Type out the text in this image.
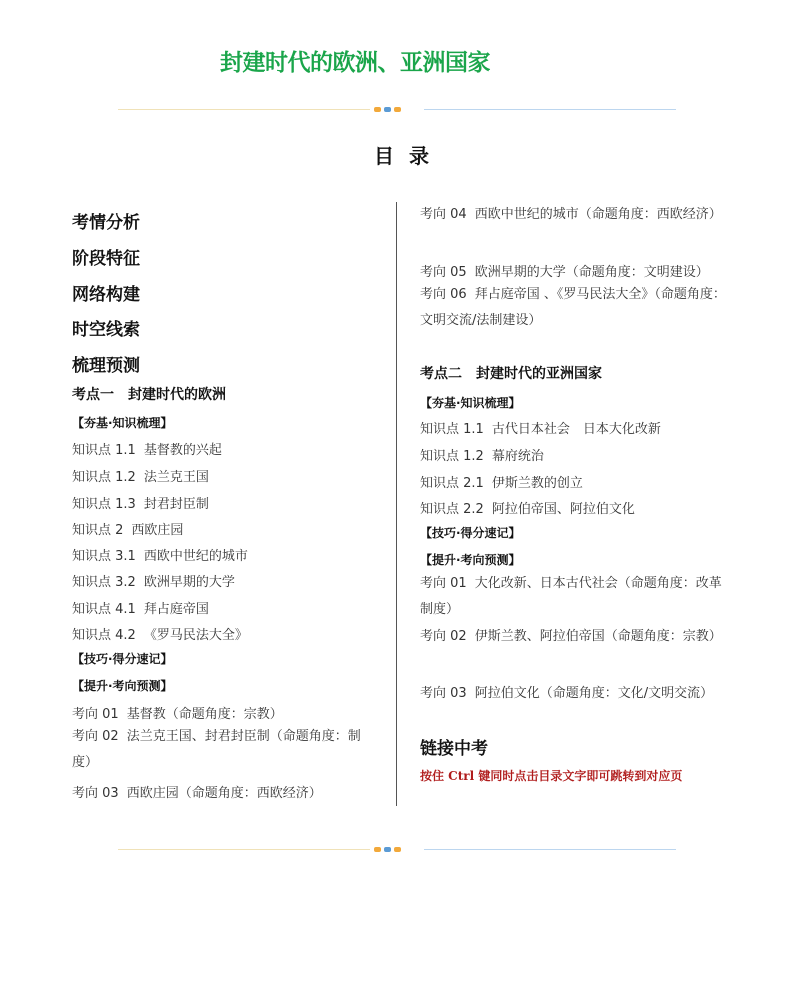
封建时代的欧洲、亚洲国家
目 录
考情分析
阶段特征
网络构建
时空线索
梳理预测
考点一　封建时代的欧洲
【夯基·知识梳理】
知识点 1.1 基督教的兴起
知识点 1.2 法兰克王国
知识点 1.3 封君封臣制
知识点 2 西欧庄园
知识点 3.1 西欧中世纪的城市
知识点 3.2 欧洲早期的大学
知识点 4.1 拜占庭帝国
知识点 4.2 《罗马民法大全》
【技巧·得分速记】
【提升·考向预测】
考向 01 基督教（命题角度：宗教）
考向 02 法兰克王国、封君封臣制（命题角度：制度）
考向 03 西欧庄园（命题角度：西欧经济）
考向 04 西欧中世纪的城市（命题角度：西欧经济）
考向 05 欧洲早期的大学（命题角度：文明建设）
考向 06 拜占庭帝国 、《罗马民法大全》（命题角度：文明交流/法制建设）
考点二　封建时代的亚洲国家
【夯基·知识梳理】
知识点 1.1 古代日本社会　日本大化改新
知识点 1.2 幕府统治
知识点 2.1 伊斯兰教的创立
知识点 2.2 阿拉伯帝国、阿拉伯文化
【技巧·得分速记】
【提升·考向预测】
考向 01 大化改新、日本古代社会（命题角度：改革制度）
考向 02 伊斯兰教、阿拉伯帝国（命题角度：宗教）
考向 03 阿拉伯文化（命题角度：文化/文明交流）
链接中考
按住 Ctrl 键同时点击目录文字即可跳转到对应页
